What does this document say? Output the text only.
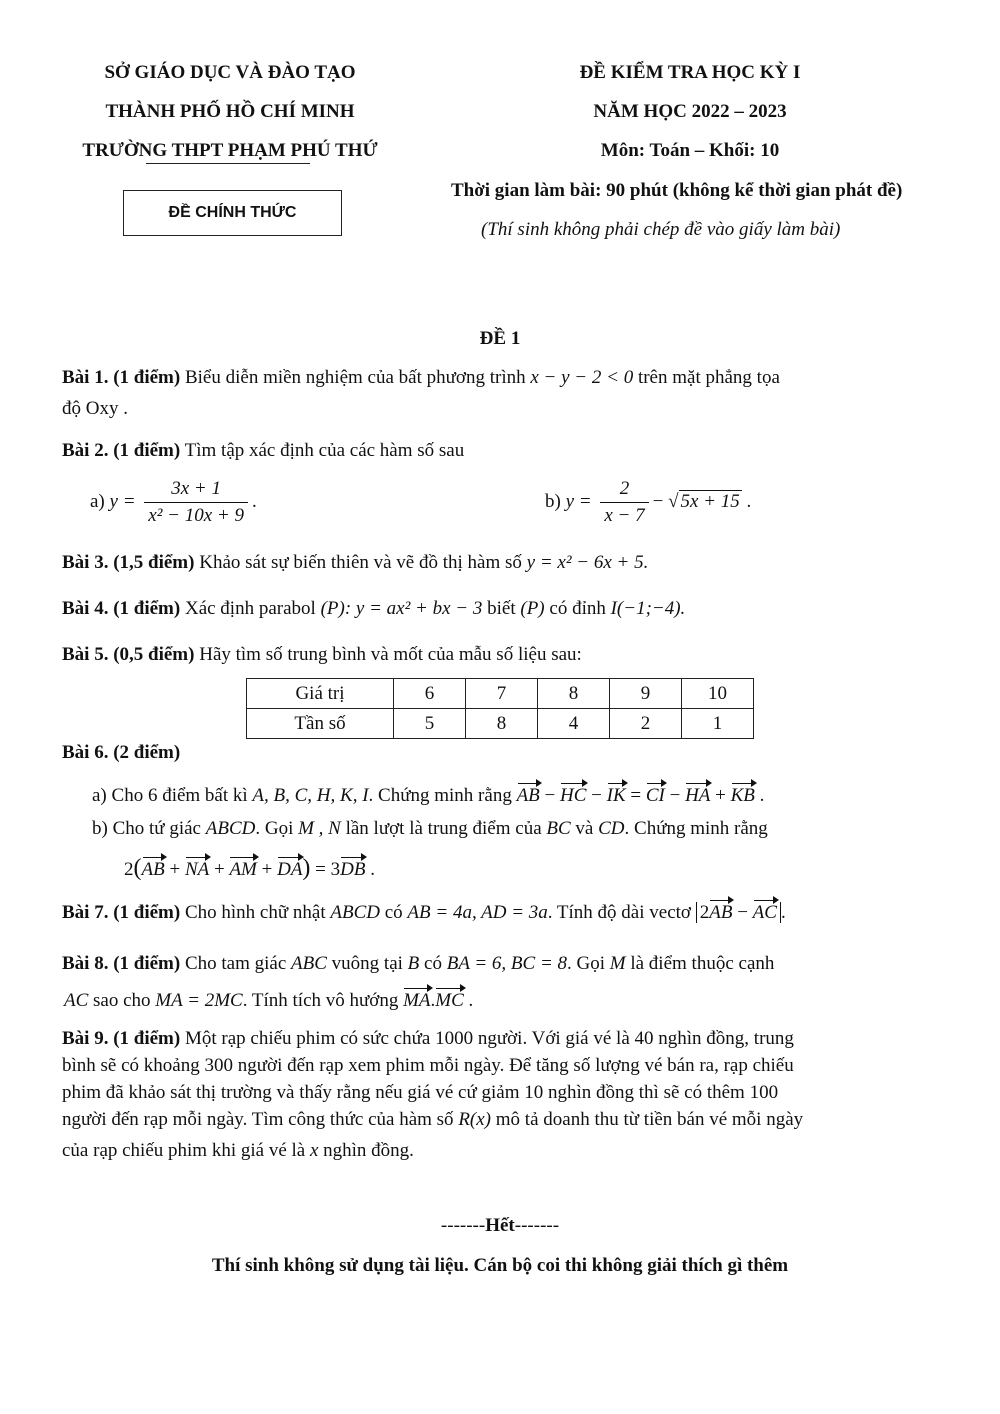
SỞ GIÁO DỤC VÀ ĐÀO TẠO
THÀNH PHỐ HỒ CHÍ MINH
TRƯỜNG THPT PHẠM PHÚ THỨ
ĐỀ CHÍNH THỨC
ĐỀ KIỂM TRA HỌC KỲ I
NĂM HỌC 2022 – 2023
Môn: Toán – Khối: 10
Thời gian làm bài: 90 phút (không kể thời gian phát đề)
(Thí sinh không phải chép đề vào giấy làm bài)
ĐỀ 1
Bài 1. (1 điểm) Biểu diễn miền nghiệm của bất phương trình x − y − 2 < 0 trên mặt phẳng tọa
độ Oxy .
Bài 2. (1 điểm) Tìm tập xác định của các hàm số sau
a) $y = \frac{3x + 1}{\text{x² − 10x + 9}}$ .	b) $y = \frac{2}{x - 7}$ − √ 5x + 15 .
Bài 3. (1,5 điểm) Khảo sát sự biến thiên và vẽ đồ thị hàm số y = x² − 6x + 5.
Bài 4. (1 điểm) Xác định parabol (P): y = ax² + bx − 3 biết (P) có đỉnh I(−1;−4).
Bài 5. (0,5 điểm) Hãy tìm số trung bình và mốt của mẫu số liệu sau:
Giá trị	6	7	8	9	10
Tần số	5	8	4	2	1
Bài 6. (2 điểm)
a) Cho 6 điểm bất kì A, B, C, H, K, I. Chứng minh rằng AB − HC − IK = CI − HA + KB .
b) Cho tứ giác ABCD. Gọi M , N lần lượt là trung điểm của BC và CD. Chứng minh rằng
2(AB + NA + AM + DA) = 3DB .
Bài 7. (1 điểm) Cho hình chữ nhật ABCD có AB = 4a, AD = 3a. Tính độ dài vectơ 2AB − AC .
Bài 8. (1 điểm) Cho tam giác ABC vuông tại B có BA = 6, BC = 8. Gọi M là điểm thuộc cạnh
AC sao cho MA = 2MC. Tính tích vô hướng MA.MC .
Bài 9. (1 điểm) Một rạp chiếu phim có sức chứa 1000 người. Với giá vé là 40 nghìn đồng, trung
bình sẽ có khoảng 300 người đến rạp xem phim mỗi ngày. Để tăng số lượng vé bán ra, rạp chiếu
phim đã khảo sát thị trường và thấy rằng nếu giá vé cứ giảm 10 nghìn đồng thì sẽ có thêm 100
người đến rạp mỗi ngày. Tìm công thức của hàm số R(x) mô tả doanh thu từ tiền bán vé mỗi ngày
của rạp chiếu phim khi giá vé là x nghìn đồng.
-------Hết-------
Thí sinh không sử dụng tài liệu. Cán bộ coi thi không giải thích gì thêm
